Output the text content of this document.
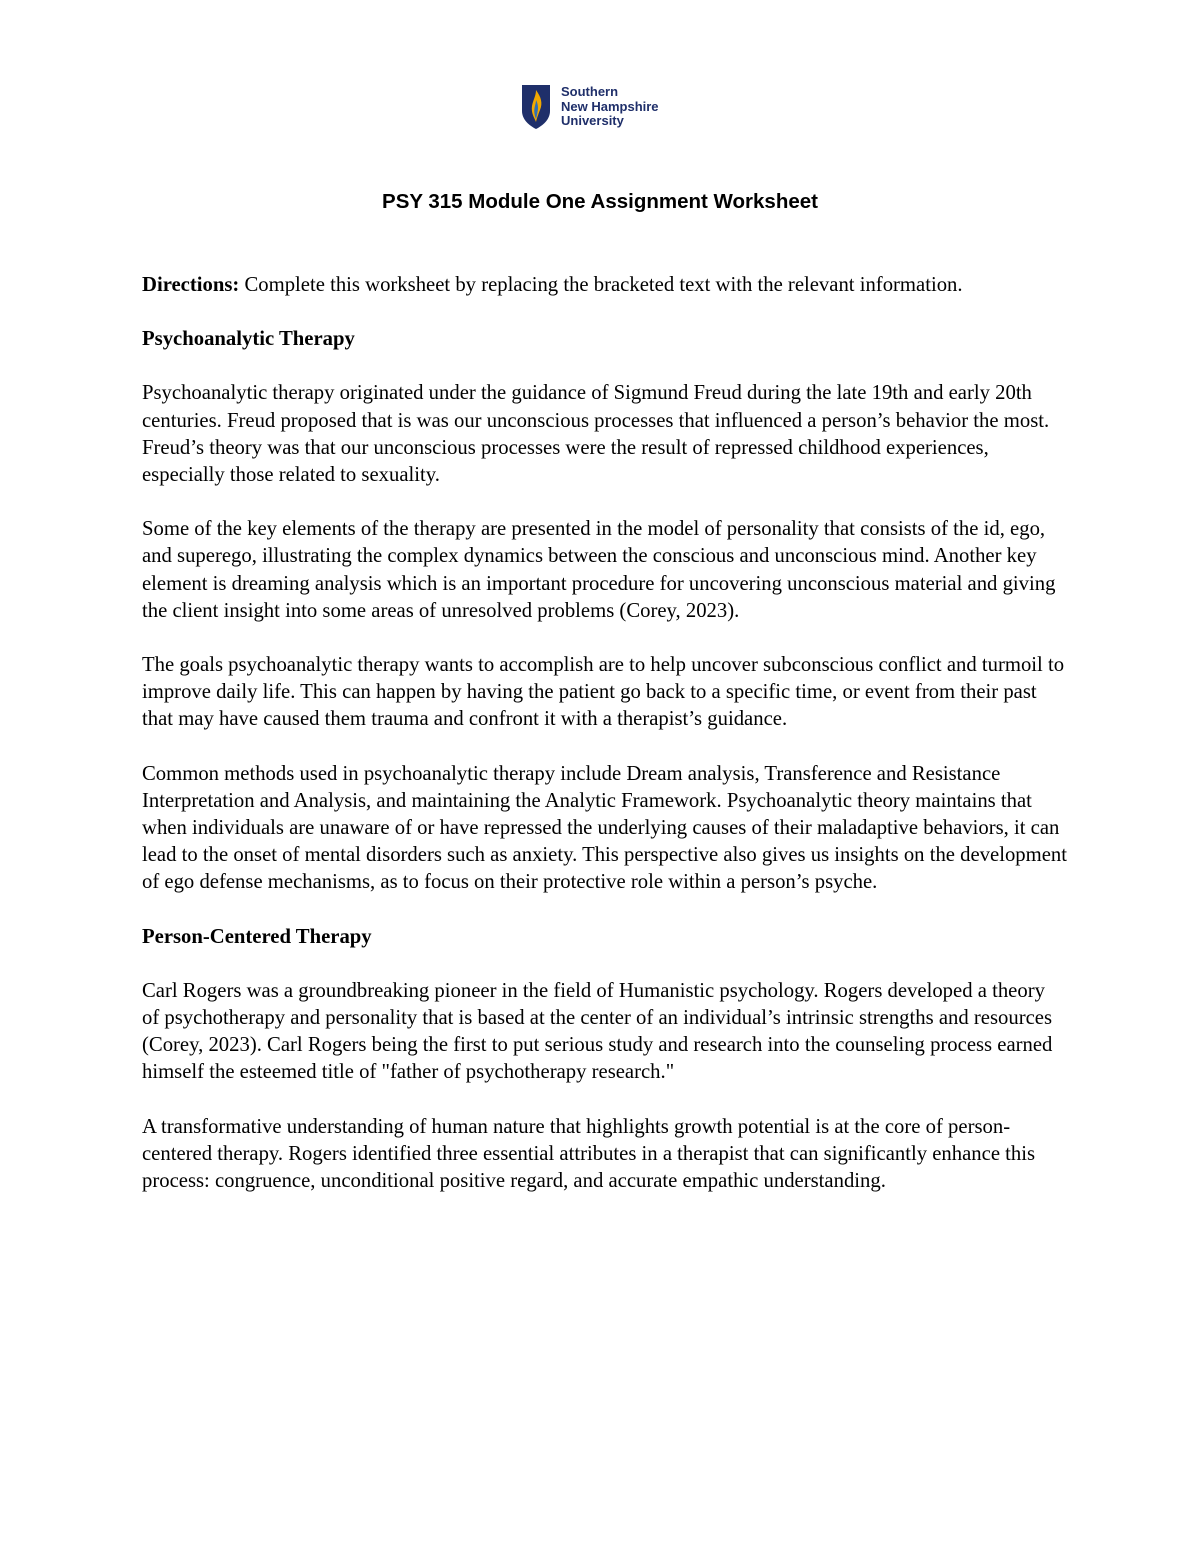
Southern
New Hampshire
University
PSY 315 Module One Assignment Worksheet

Directions: Complete this worksheet by replacing the bracketed text with the relevant information.

Psychoanalytic Therapy

Psychoanalytic therapy originated under the guidance of Sigmund Freud during the late 19th and early 20th centuries. Freud proposed that is was our unconscious processes that influenced a person’s behavior the most. Freud’s theory was that our unconscious processes were the result of repressed childhood experiences, especially those related to sexuality.

Some of the key elements of the therapy are presented in the model of personality that consists of the id, ego, and superego, illustrating the complex dynamics between the conscious and unconscious mind. Another key element is dreaming analysis which is an important procedure for uncovering unconscious material and giving the client insight into some areas of unresolved problems (Corey, 2023).

The goals psychoanalytic therapy wants to accomplish are to help uncover subconscious conflict and turmoil to improve daily life. This can happen by having the patient go back to a specific time, or event from their past that may have caused them trauma and confront it with a therapist’s guidance.

Common methods used in psychoanalytic therapy include Dream analysis, Transference and Resistance Interpretation and Analysis, and maintaining the Analytic Framework. Psychoanalytic theory maintains that when individuals are unaware of or have repressed the underlying causes of their maladaptive behaviors, it can lead to the onset of mental disorders such as anxiety. This perspective also gives us insights on the development of ego defense mechanisms, as to focus on their protective role within a person’s psyche.

Person-Centered Therapy

Carl Rogers was a groundbreaking pioneer in the field of Humanistic psychology. Rogers developed a theory of psychotherapy and personality that is based at the center of an individual’s intrinsic strengths and resources (Corey, 2023). Carl Rogers being the first to put serious study and research into the counseling process earned himself the esteemed title of "father of psychotherapy research."

A transformative understanding of human nature that highlights growth potential is at the core of person-centered therapy. Rogers identified three essential attributes in a therapist that can significantly enhance this process: congruence, unconditional positive regard, and accurate empathic understanding.
